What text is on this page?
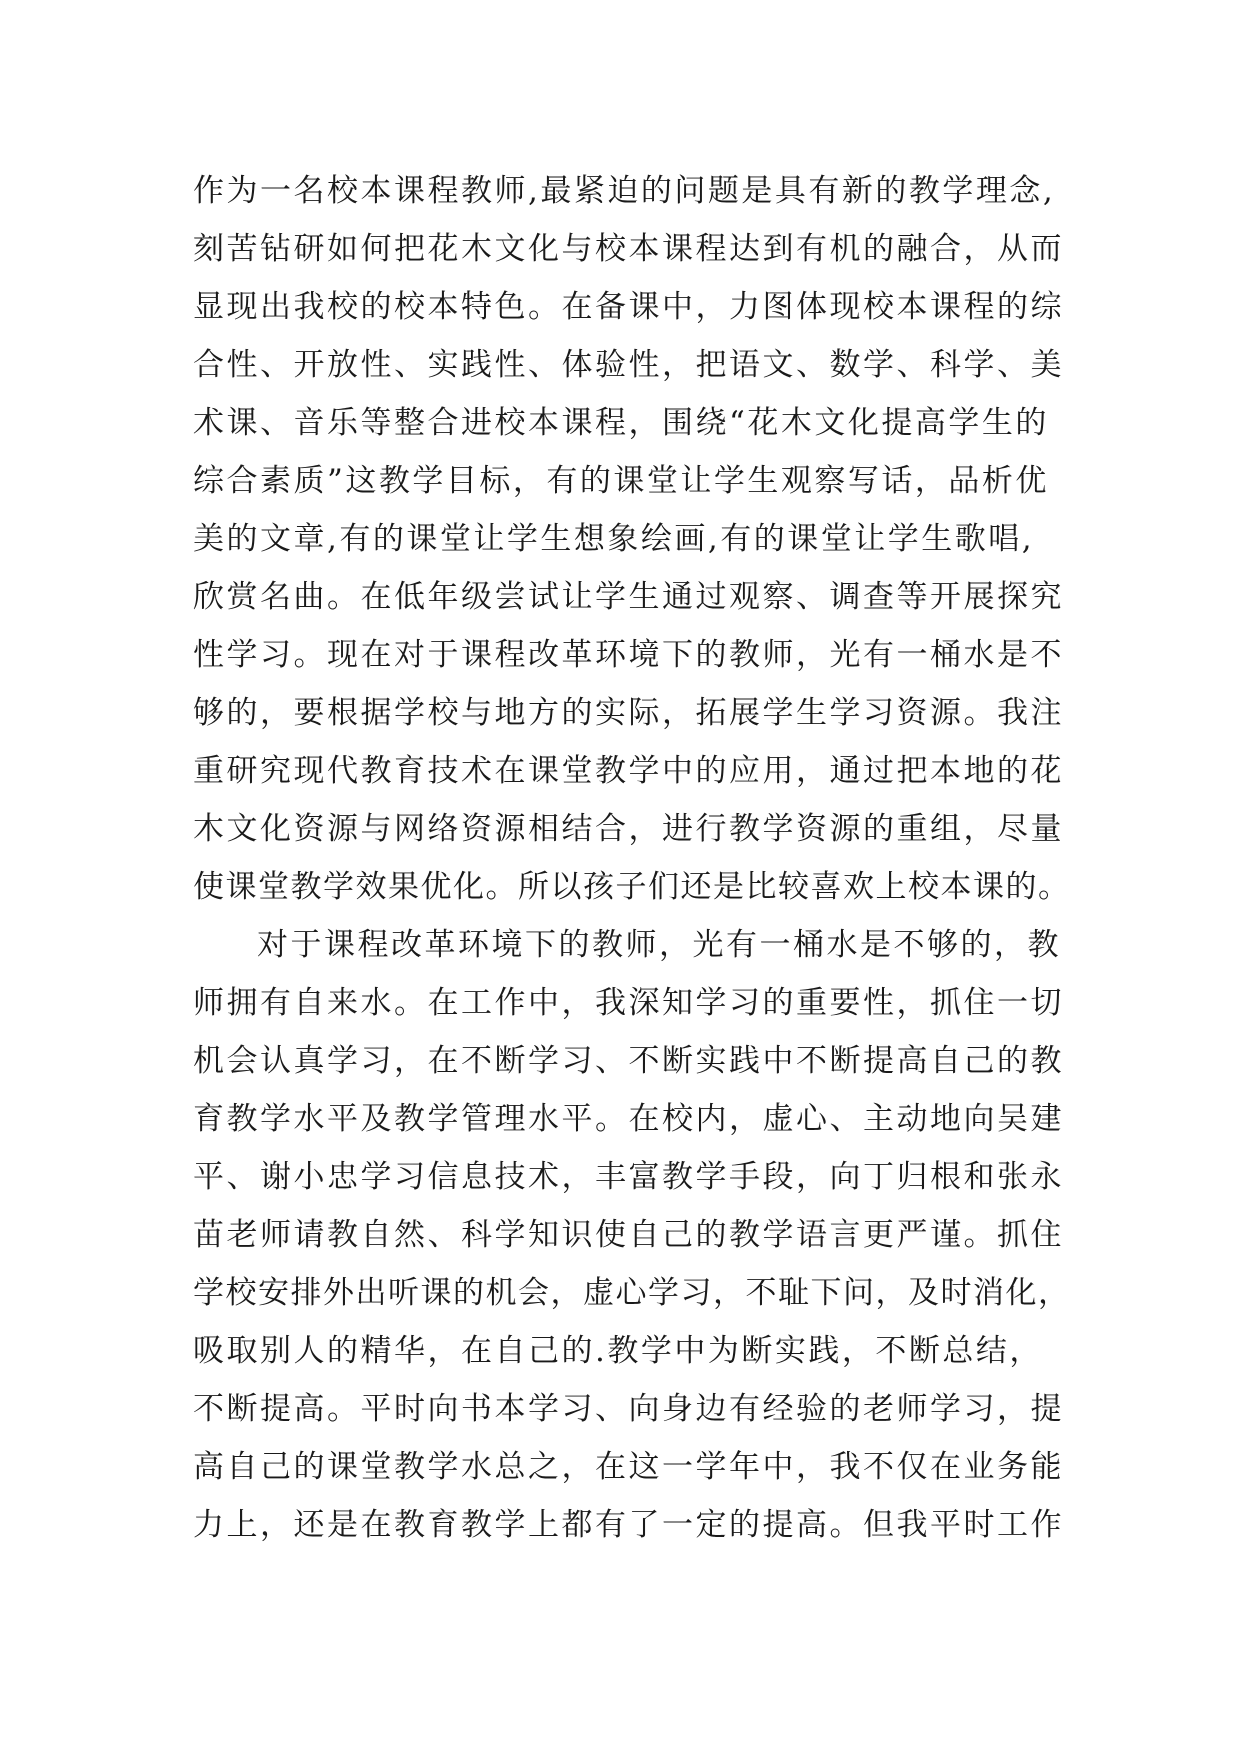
作为一名校本课程教师,最紧迫的问题是具有新的教学理念,
刻苦钻研如何把花木文化与校本课程达到有机的融合，从而
显现出我校的校本特色。在备课中，力图体现校本课程的综
合性、开放性、实践性、体验性，把语文、数学、科学、美
术课、音乐等整合进校本课程，围绕“花木文化提高学生的
综合素质”这教学目标，有的课堂让学生观察写话，品析优
美的文章,有的课堂让学生想象绘画,有的课堂让学生歌唱,
欣赏名曲。在低年级尝试让学生通过观察、调查等开展探究
性学习。现在对于课程改革环境下的教师，光有一桶水是不
够的，要根据学校与地方的实际，拓展学生学习资源。我注
重研究现代教育技术在课堂教学中的应用，通过把本地的花
木文化资源与网络资源相结合，进行教学资源的重组，尽量
使课堂教学效果优化。所以孩子们还是比较喜欢上校本课的。
对于课程改革环境下的教师，光有一桶水是不够的，教
师拥有自来水。在工作中，我深知学习的重要性，抓住一切
机会认真学习，在不断学习、不断实践中不断提高自己的教
育教学水平及教学管理水平。在校内，虚心、主动地向吴建
平、谢小忠学习信息技术，丰富教学手段，向丁归根和张永
苗老师请教自然、科学知识使自己的教学语言更严谨。抓住
学校安排外出听课的机会，虚心学习，不耻下问，及时消化，
吸取别人的精华，在自己的.教学中为断实践，不断总结，
不断提高。平时向书本学习、向身边有经验的老师学习，提
高自己的课堂教学水总之，在这一学年中，我不仅在业务能
力上，还是在教育教学上都有了一定的提高。但我平时工作
